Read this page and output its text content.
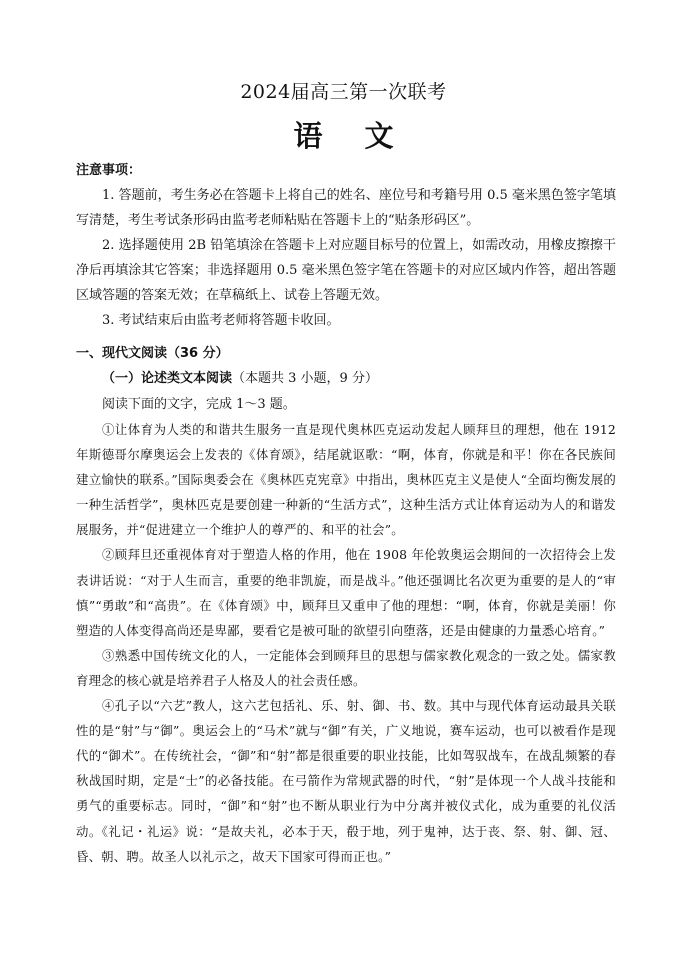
2024届高三第一次联考
语 文

注意事项：

1. 答题前，考生务必在答题卡上将自己的姓名、座位号和考籍号用 0.5 毫米黑色签字笔填写清楚，考生考试条形码由监考老师粘贴在答题卡上的“贴条形码区”。

2. 选择题使用 2B 铅笔填涂在答题卡上对应题目标号的位置上，如需改动，用橡皮擦擦干净后再填涂其它答案；非选择题用 0.5 毫米黑色签字笔在答题卡的对应区域内作答，超出答题区域答题的答案无效；在草稿纸上、试卷上答题无效。

3. 考试结束后由监考老师将答题卡收回。

一、现代文阅读（36 分）

（一）论述类文本阅读（本题共 3 小题，9 分）

阅读下面的文字，完成 1～3 题。

①让体育为人类的和谐共生服务一直是现代奥林匹克运动发起人顾拜旦的理想，他在 1912 年斯德哥尔摩奥运会上发表的《体育颂》，结尾就讴歌：“啊，体育，你就是和平！你在各民族间建立愉快的联系。”国际奥委会在《奥林匹克宪章》中指出，奥林匹克主义是使人“全面均衡发展的一种生活哲学”，奥林匹克是要创建一种新的“生活方式”，这种生活方式让体育运动为人的和谐发展服务，并“促进建立一个维护人的尊严的、和平的社会”。

②顾拜旦还重视体育对于塑造人格的作用，他在 1908 年伦敦奥运会期间的一次招待会上发表讲话说：“对于人生而言，重要的绝非凯旋，而是战斗。”他还强调比名次更为重要的是人的“审慎”“勇敢”和“高贵”。在《体育颂》中，顾拜旦又重申了他的理想：“啊，体育，你就是美丽！你塑造的人体变得高尚还是卑鄙，要看它是被可耻的欲望引向堕落，还是由健康的力量悉心培育。”

③熟悉中国传统文化的人，一定能体会到顾拜旦的思想与儒家教化观念的一致之处。儒家教育理念的核心就是培养君子人格及人的社会责任感。

④孔子以“六艺”教人，这六艺包括礼、乐、射、御、书、数。其中与现代体育运动最具关联性的是“射”与“御”。奥运会上的“马术”就与“御”有关，广义地说，赛车运动，也可以被看作是现代的“御术”。在传统社会，“御”和“射”都是很重要的职业技能，比如驾驭战车，在战乱频繁的春秋战国时期，定是“士”的必备技能。在弓箭作为常规武器的时代，“射”是体现一个人战斗技能和勇气的重要标志。同时，“御”和“射”也不断从职业行为中分离并被仪式化，成为重要的礼仪活动。《礼记・礼运》说：“是故夫礼，必本于天，殽于地，列于鬼神，达于丧、祭、射、御、冠、昏、朝、聘。故圣人以礼示之，故天下国家可得而正也。”
